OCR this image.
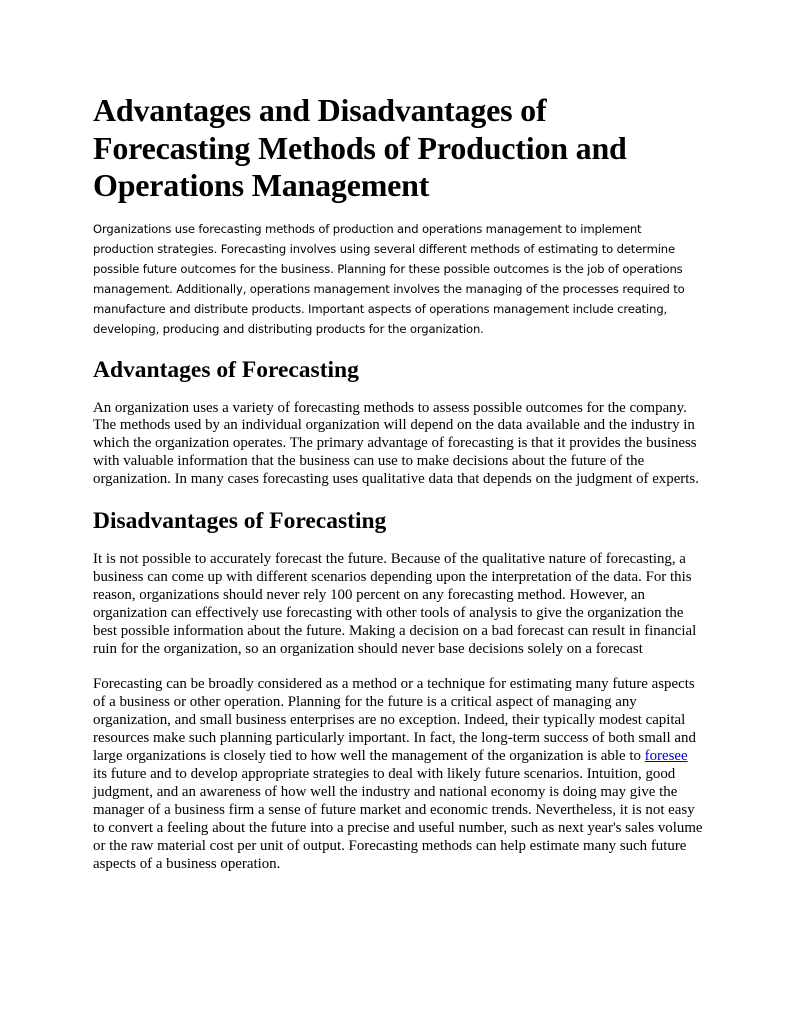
Advantages and Disadvantages of Forecasting Methods of Production and Operations Management

Organizations use forecasting methods of production and operations management to implement production strategies. Forecasting involves using several different methods of estimating to determine possible future outcomes for the business. Planning for these possible outcomes is the job of operations management. Additionally, operations management involves the managing of the processes required to manufacture and distribute products. Important aspects of operations management include creating, developing, producing and distributing products for the organization.

Advantages of Forecasting

An organization uses a variety of forecasting methods to assess possible outcomes for the company. The methods used by an individual organization will depend on the data available and the industry in which the organization operates. The primary advantage of forecasting is that it provides the business with valuable information that the business can use to make decisions about the future of the organization. In many cases forecasting uses qualitative data that depends on the judgment of experts.

Disadvantages of Forecasting

It is not possible to accurately forecast the future. Because of the qualitative nature of forecasting, a business can come up with different scenarios depending upon the interpretation of the data. For this reason, organizations should never rely 100 percent on any forecasting method. However, an organization can effectively use forecasting with other tools of analysis to give the organization the best possible information about the future. Making a decision on a bad forecast can result in financial ruin for the organization, so an organization should never base decisions solely on a forecast

Forecasting can be broadly considered as a method or a technique for estimating many future aspects of a business or other operation. Planning for the future is a critical aspect of managing any organization, and small business enterprises are no exception. Indeed, their typically modest capital resources make such planning particularly important. In fact, the long-term success of both small and large organizations is closely tied to how well the management of the organization is able to foresee its future and to develop appropriate strategies to deal with likely future scenarios. Intuition, good judgment, and an awareness of how well the industry and national economy is doing may give the manager of a business firm a sense of future market and economic trends. Nevertheless, it is not easy to convert a feeling about the future into a precise and useful number, such as next year's sales volume or the raw material cost per unit of output. Forecasting methods can help estimate many such future aspects of a business operation.
